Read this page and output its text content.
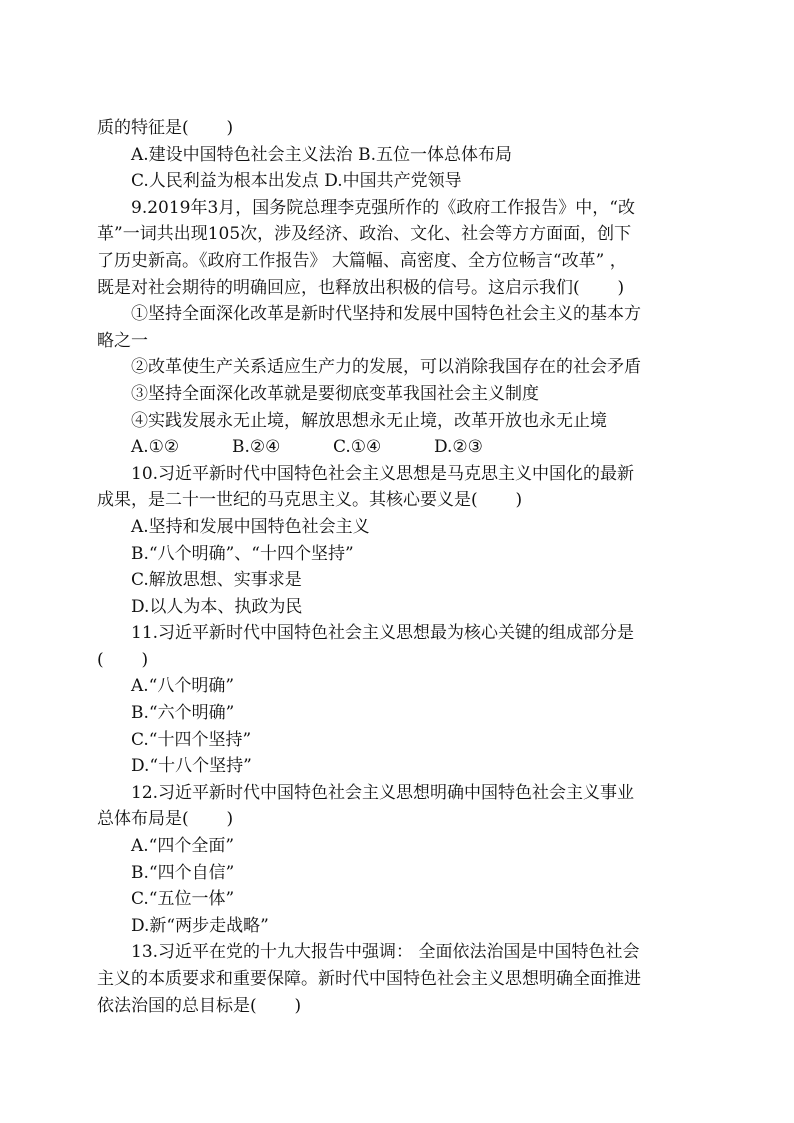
质的特征是(       )
A.建设中国特色社会主义法治 B.五位一体总体布局
C.人民利益为根本出发点 D.中国共产党领导
9.2019年3月，国务院总理李克强所作的《政府工作报告》中，“改
革”一词共出现105次，涉及经济、政治、文化、社会等方方面面，创下
了历史新高。《政府工作报告》 大篇幅、高密度、全方位畅言“改革” ，
既是对社会期待的明确回应，也释放出积极的信号。这启示我们(       )
①坚持全面深化改革是新时代坚持和发展中国特色社会主义的基本方
略之一
②改革使生产关系适应生产力的发展，可以消除我国存在的社会矛盾
③坚持全面深化改革就是要彻底变革我国社会主义制度
④实践发展永无止境，解放思想永无止境，改革开放也永无止境
A.①②	B.②④	C.①④	D.②③
10.习近平新时代中国特色社会主义思想是马克思主义中国化的最新
成果，是二十一世纪的马克思主义。其核心要义是(       )
A.坚持和发展中国特色社会主义
B.“八个明确”、“十四个坚持”
C.解放思想、实事求是
D.以人为本、执政为民
11.习近平新时代中国特色社会主义思想最为核心关键的组成部分是
(       )
A.“八个明确”
B.“六个明确”
C.“十四个坚持”
D.“十八个坚持”
12.习近平新时代中国特色社会主义思想明确中国特色社会主义事业
总体布局是(       )
A.“四个全面”
B.“四个自信”
C.“五位一体”
D.新“两步走战略”
13.习近平在党的十九大报告中强调： 全面依法治国是中国特色社会
主义的本质要求和重要保障。新时代中国特色社会主义思想明确全面推进
依法治国的总目标是(       )
